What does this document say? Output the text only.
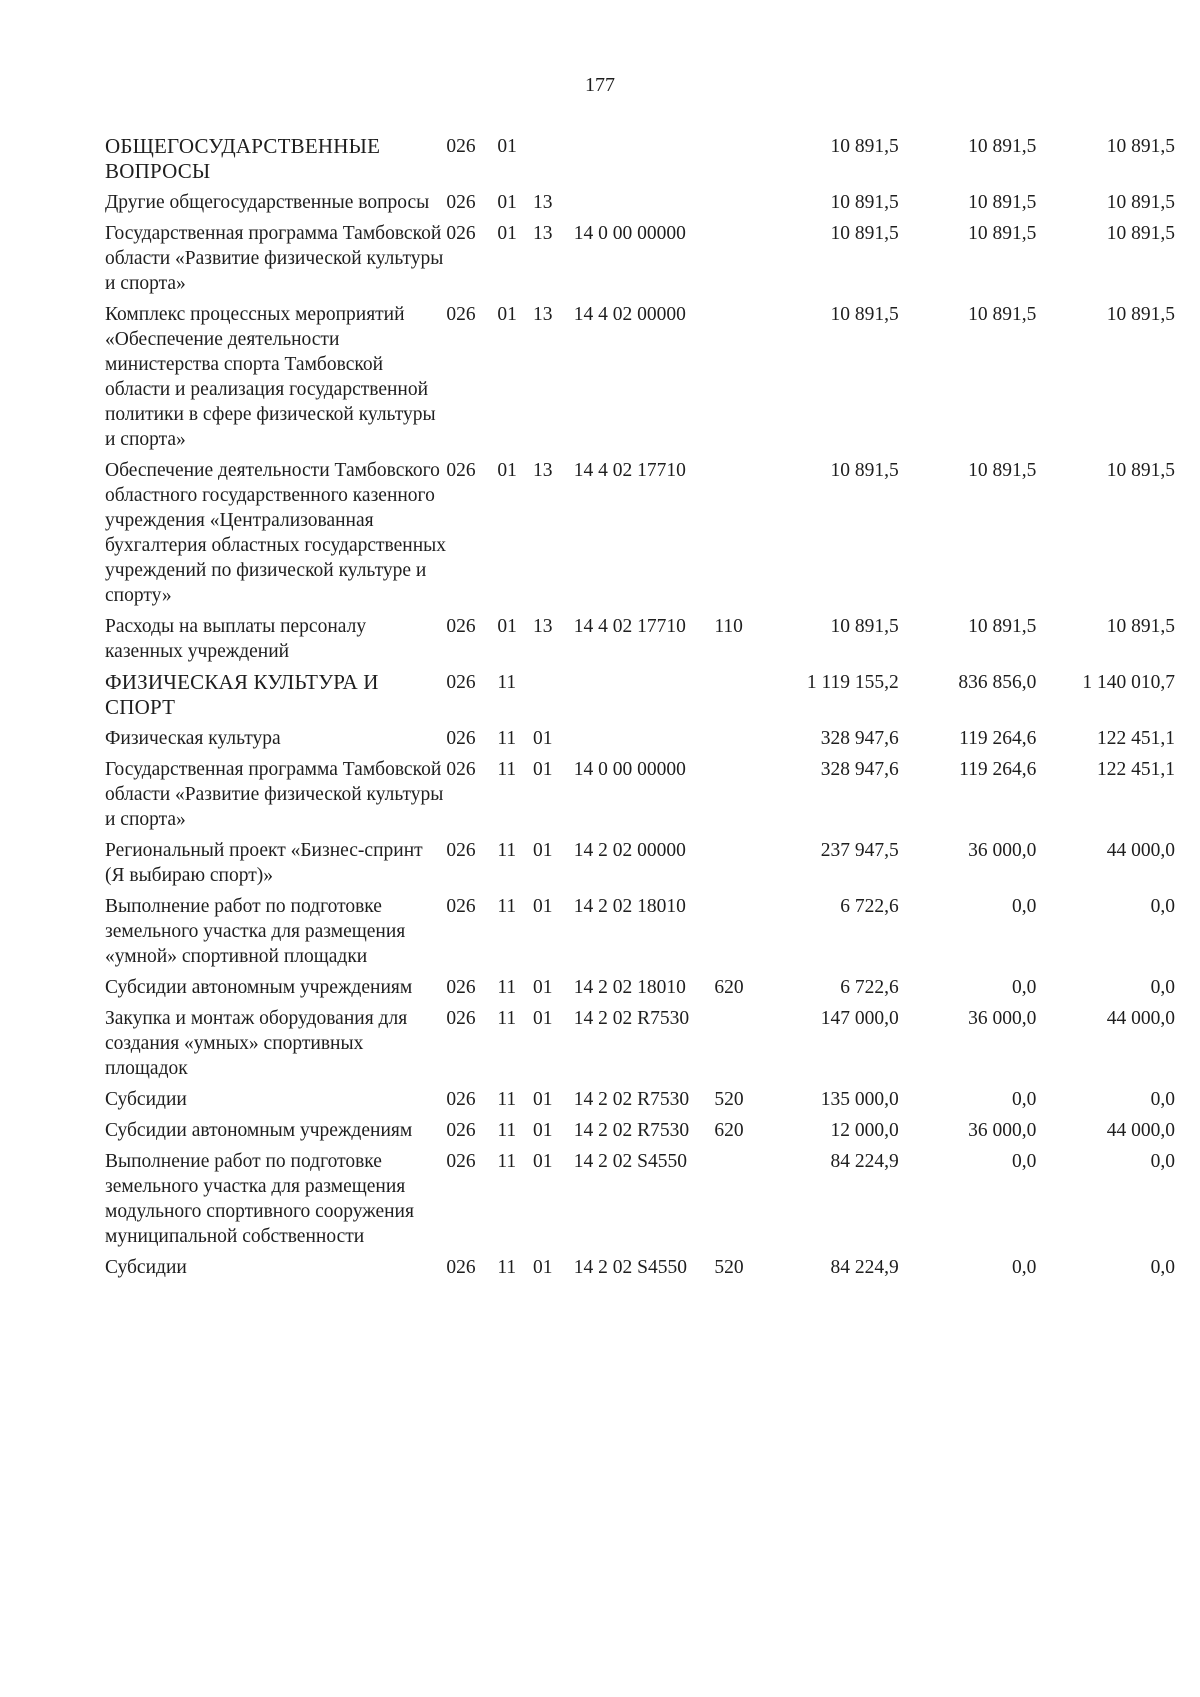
177
ОБЩЕГОСУДАРСТВЕННЫЕ ВОПРОСЫ	026	01				10 891,5	10 891,5	10 891,5
Другие общегосударственные вопросы	026	01	13			10 891,5	10 891,5	10 891,5
Государственная программа Тамбовской области «Развитие физической культуры и спорта»	026	01	13	14 0 00 00000		10 891,5	10 891,5	10 891,5
Комплекс процессных мероприятий «Обеспечение деятельности министерства спорта Тамбовской области и реализация государственной политики в сфере физической культуры и спорта»	026	01	13	14 4 02 00000		10 891,5	10 891,5	10 891,5
Обеспечение деятельности Тамбовского областного государственного казенного учреждения «Централизованная бухгалтерия областных государственных учреждений по физической культуре и спорту»	026	01	13	14 4 02 17710		10 891,5	10 891,5	10 891,5
Расходы на выплаты персоналу казенных учреждений	026	01	13	14 4 02 17710	110	10 891,5	10 891,5	10 891,5
ФИЗИЧЕСКАЯ КУЛЬТУРА И СПОРТ	026	11				1 119 155,2	836 856,0	1 140 010,7
Физическая культура	026	11	01			328 947,6	119 264,6	122 451,1
Государственная программа Тамбовской области «Развитие физической культуры и спорта»	026	11	01	14 0 00 00000		328 947,6	119 264,6	122 451,1
Региональный проект «Бизнес-спринт (Я выбираю спорт)»	026	11	01	14 2 02 00000		237 947,5	36 000,0	44 000,0
Выполнение работ по подготовке земельного участка для размещения «умной» спортивной площадки	026	11	01	14 2 02 18010		6 722,6	0,0	0,0
Субсидии автономным учреждениям	026	11	01	14 2 02 18010	620	6 722,6	0,0	0,0
Закупка и монтаж оборудования для создания «умных» спортивных площадок	026	11	01	14 2 02 R7530		147 000,0	36 000,0	44 000,0
Субсидии	026	11	01	14 2 02 R7530	520	135 000,0	0,0	0,0
Субсидии автономным учреждениям	026	11	01	14 2 02 R7530	620	12 000,0	36 000,0	44 000,0
Выполнение работ по подготовке земельного участка для размещения модульного спортивного сооружения муниципальной собственности	026	11	01	14 2 02 S4550		84 224,9	0,0	0,0
Субсидии	026	11	01	14 2 02 S4550	520	84 224,9	0,0	0,0
